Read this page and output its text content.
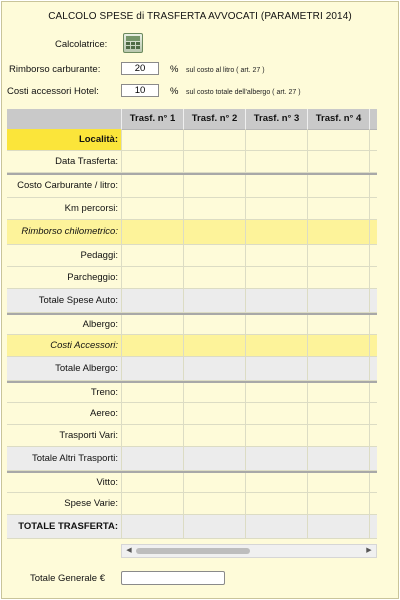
CALCOLO SPESE di TRASFERTA AVVOCATI (PARAMETRI 2014)
Calcolatrice:
Rimborso carburante:
20	% sul costo al litro ( art. 27 )
Costi accessori Hotel:
10	% sul costo totale dell'albergo ( art. 27 )
Trasf. n° 1	Trasf. n° 2	Trasf. n° 3	Trasf. n° 4
Località:
Data Trasferta:
Costo Carburante / litro:
Km percorsi:
Rimborso chilometrico:
Pedaggi:
Parcheggio:
Totale Spese Auto:
Albergo:
Costi Accessori:
Totale Albergo:
Treno:
Aereo:
Trasporti Vari:
Totale Altri Trasporti:
Vitto:
Spese Varie:
TOTALE TRASFERTA:
◀	▶
Totale Generale €
